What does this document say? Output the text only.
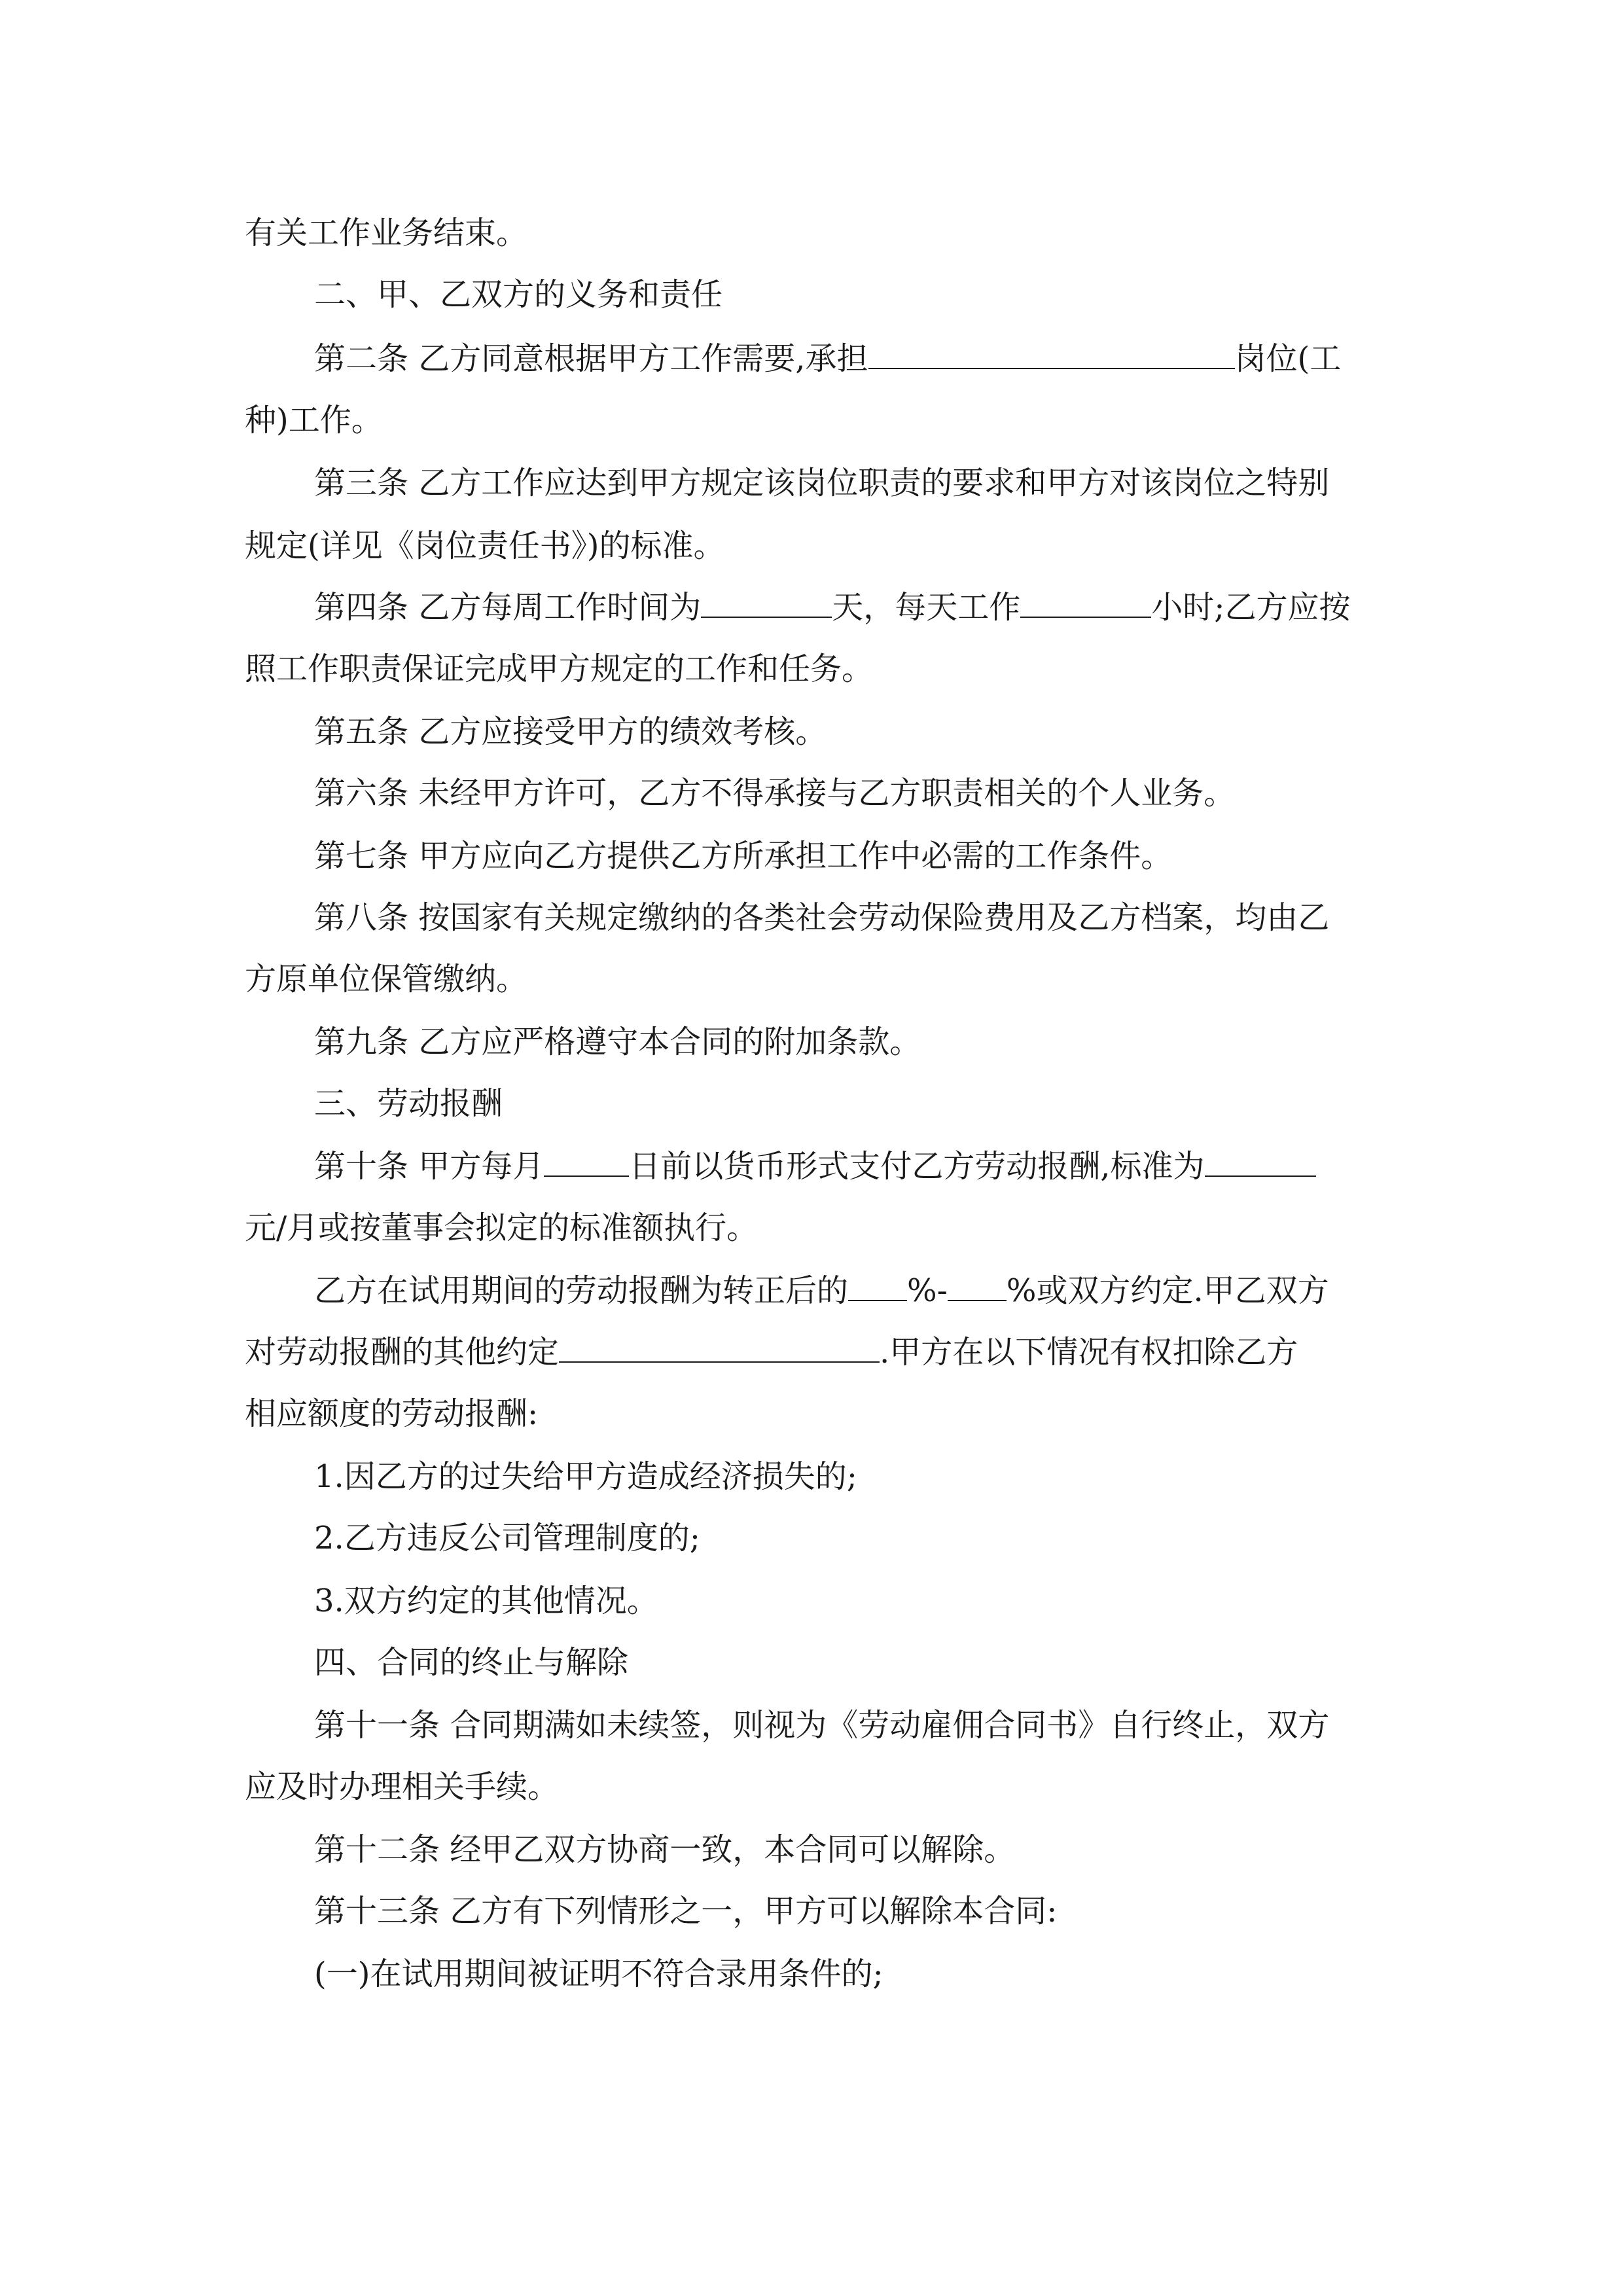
有关工作业务结束。
二、甲、乙双方的义务和责任
第二条 乙方同意根据甲方工作需要,承担	岗位(工
种)工作。
第三条 乙方工作应达到甲方规定该岗位职责的要求和甲方对该岗位之特别
规定(详见《岗位责任书》)的标准。
第四条 乙方每周工作时间为	天，每天工作	小时;乙方应按
照工作职责保证完成甲方规定的工作和任务。
第五条 乙方应接受甲方的绩效考核。
第六条 未经甲方许可，乙方不得承接与乙方职责相关的个人业务。
第七条 甲方应向乙方提供乙方所承担工作中必需的工作条件。
第八条 按国家有关规定缴纳的各类社会劳动保险费用及乙方档案，均由乙
方原单位保管缴纳。
第九条 乙方应严格遵守本合同的附加条款。
三、劳动报酬
第十条 甲方每月	日前以货币形式支付乙方劳动报酬,标准为
元/月或按董事会拟定的标准额执行。
乙方在试用期间的劳动报酬为转正后的 %- %或双方约定.甲乙双方
对劳动报酬的其他约定	.甲方在以下情况有权扣除乙方
相应额度的劳动报酬:
1.因乙方的过失给甲方造成经济损失的;
2.乙方违反公司管理制度的;
3.双方约定的其他情况。
四、合同的终止与解除
第十一条 合同期满如未续签，则视为《劳动雇佣合同书》自行终止，双方
应及时办理相关手续。
第十二条 经甲乙双方协商一致，本合同可以解除。
第十三条 乙方有下列情形之一，甲方可以解除本合同:
(一)在试用期间被证明不符合录用条件的;
